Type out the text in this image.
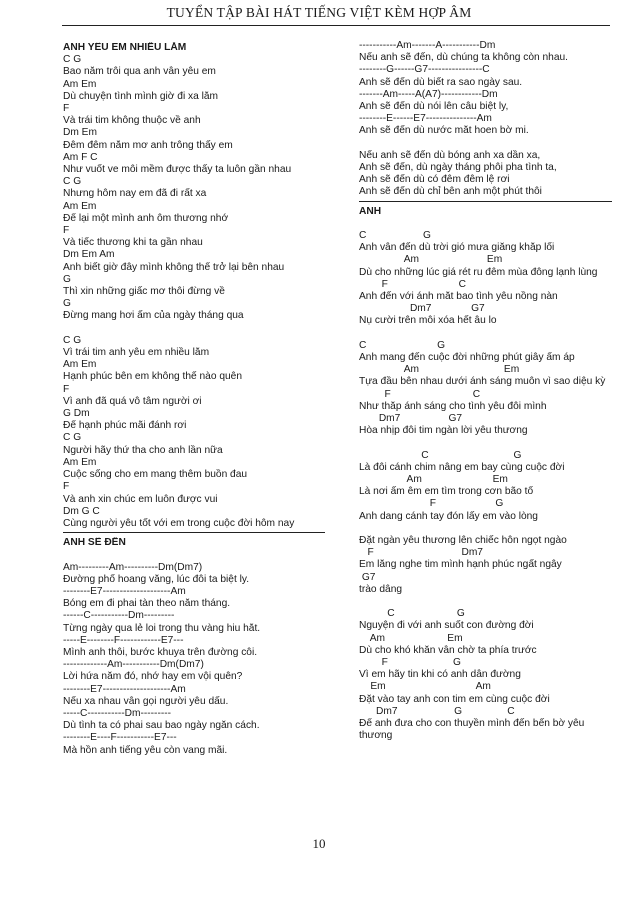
TUYỂN TẬP BÀI HÁT TIẾNG VIỆT KÈM HỢP ÂM
ANH YÊU EM NHIỀU LẮM
C G
Bao năm trôi qua anh vẫn yêu em
Am Em
Dù chuyện tình mình giờ đi xa lắm
F
Và trái tim không thuộc về anh
Dm Em
Đêm đêm nằm mơ anh trông thấy em
Am F C
Như vuốt ve môi mềm được thấy ta luôn gần nhau
C G
Nhưng hôm nay em đã đi rất xa
Am Em
Để lại một mình anh ôm thương nhớ
F
Và tiếc thương khi ta gần nhau
Dm Em Am
Anh biết giờ đây mình không thể trở lại bên nhau
G
Thì xin những giấc mơ thôi đừng về
G
Đừng mang hơi ấm của ngày tháng qua
C G
Vì trái tim anh yêu em nhiều lắm
Am Em
Hạnh phúc bên em không thể nào quên
F
Vì anh đã quá vô tâm người ơi
G Dm
Để hạnh phúc mãi đánh rơi
C G
Người hãy thứ tha cho anh lần nữa
Am Em
Cuộc sống cho em mang thêm buồn đau
F
Và anh xin chúc em luôn được vui
Dm G C
Cùng người yêu tốt với em trong cuộc đời hôm nay
ANH SẼ ĐẾN
Am---------Am----------Dm(Dm7)
Đường phố hoang vắng, lúc đôi ta biệt ly.
--------E7--------------------Am
Bóng em đi phai tàn theo năm tháng.
------C-----------Dm---------
Từng ngày qua lẻ loi trong thu vàng hiu hắt.
-----E--------F------------E7---
Mình anh thôi, bước khuya trên đường côi.
-------------Am-----------Dm(Dm7)
Lời hứa năm đó, nhớ hay em vội quên?
--------E7--------------------Am
Nếu xa nhau vẫn gọi người yêu dấu.
-----C-----------Dm---------
Dù tình ta có phai sau bao ngày ngăn cách.
--------E----F-----------E7---
Mà hồn anh tiếng yêu còn vang mãi.
-----------Am-------A-----------Dm
Nếu anh sẽ đến, dù chúng ta không còn nhau.
--------G------G7----------------C
Anh sẽ đến dù biết ra sao ngày sau.
-------Am-----A(A7)------------Dm
Anh sẽ đến dù nói lên câu biệt ly,
--------E------E7---------------Am
Anh sẽ đến dù nước mắt hoen bờ mi.
Nếu anh sẽ đến dù bóng anh xa dần xa,
Anh sẽ đến, dù ngày tháng phôi pha tình ta,
Anh sẽ đến dù có đêm đêm lệ rơi
Anh sẽ đến dù chỉ bên anh một phút thôi
ANH
C                    G
Anh vẫn đến dù trời gió mưa giăng khắp lối
Am                        Em
Dù cho những lúc giá rét ru đêm mùa đông lạnh lùng
F                         C
Anh đến với ánh mắt bao tình yêu nồng nàn
Dm7              G7
Nụ cười trên môi xóa hết âu lo
C                         G
Anh mang đến cuộc đời những phút giây ấm áp
Am                              Em
Tựa đầu bên nhau dưới ánh sáng muôn vì sao diệu kỳ
F                             C
Như thắp ánh sáng cho tình yêu đôi mình
Dm7                 G7
Hòa nhịp đôi tim ngàn lời yêu thương
C                              G
Là đôi cánh chim nâng em bay cùng cuộc đời
Am                         Em
Là nơi ấm êm em tìm trong cơn bão tố
F                     G
Anh dang cánh tay đón lấy em vào lòng
Đặt ngàn yêu thương lên chiếc hôn ngọt ngào
F                               Dm7
Em lắng nghe tim mình hạnh phúc ngất ngây
G7
trào dâng
C                      G
Nguyện đi với anh suốt con đường đời
Am                      Em
Dù cho khó khăn vẫn chờ ta phía trước
F                       G
Vì em hãy tin khi có anh dẫn đường
Em                                Am
Đặt vào tay anh con tim em cùng cuộc đời
Dm7                    G                C
Để anh đưa cho con thuyền mình đến bến bờ yêu thương
10
